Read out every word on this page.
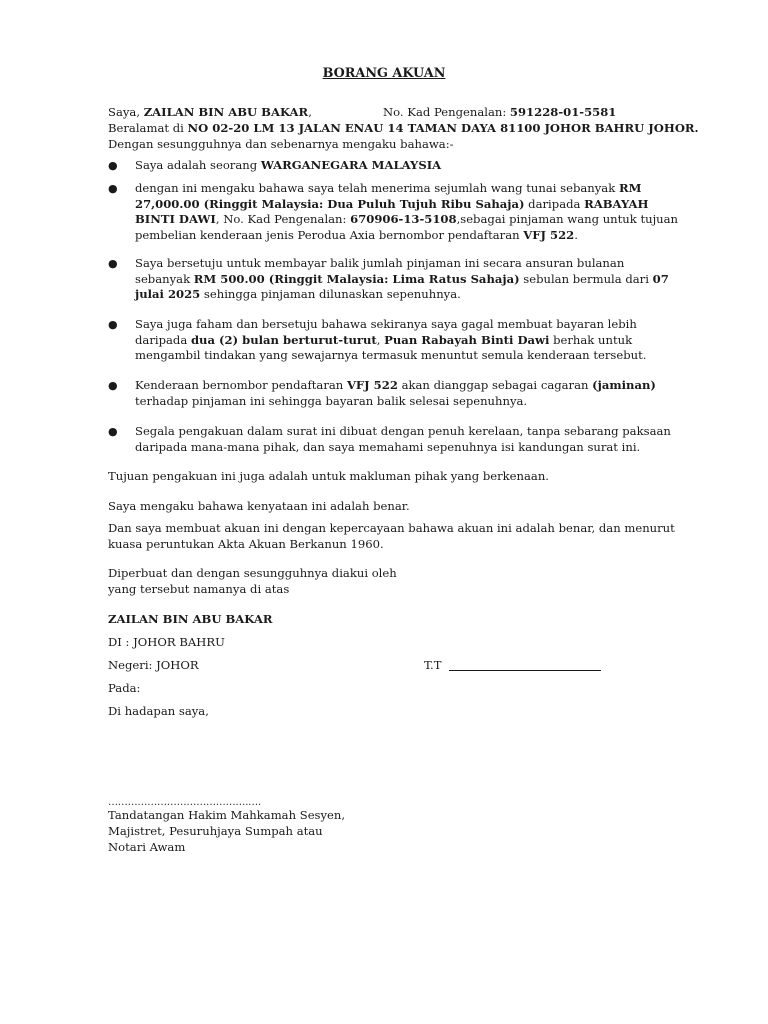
BORANG AKUAN
Saya, ZAILAN BIN ABU BAKAR,	No. Kad Pengenalan: 591228-01-5581
Beralamat di NO 02-20 LM 13 JALAN ENAU 14 TAMAN DAYA 81100 JOHOR BAHRU JOHOR.
Dengan sesungguhnya dan sebenarnya mengaku bahawa:-
● Saya adalah seorang WARGANEGARA MALAYSIA
● dengan ini mengaku bahawa saya telah menerima sejumlah wang tunai sebanyak RM 27,000.00 (Ringgit Malaysia: Dua Puluh Tujuh Ribu Sahaja) daripada RABAYAH BINTI DAWI, No. Kad Pengenalan: 670906-13-5108,sebagai pinjaman wang untuk tujuan pembelian kenderaan jenis Perodua Axia bernombor pendaftaran VFJ 522.
● Saya bersetuju untuk membayar balik jumlah pinjaman ini secara ansuran bulanan sebanyak RM 500.00 (Ringgit Malaysia: Lima Ratus Sahaja) sebulan bermula dari 07 julai 2025 sehingga pinjaman dilunaskan sepenuhnya.
● Saya juga faham dan bersetuju bahawa sekiranya saya gagal membuat bayaran lebih daripada dua (2) bulan berturut-turut, Puan Rabayah Binti Dawi berhak untuk mengambil tindakan yang sewajarnya termasuk menuntut semula kenderaan tersebut.
● Kenderaan bernombor pendaftaran VFJ 522 akan dianggap sebagai cagaran (jaminan) terhadap pinjaman ini sehingga bayaran balik selesai sepenuhnya.
● Segala pengakuan dalam surat ini dibuat dengan penuh kerelaan, tanpa sebarang paksaan daripada mana-mana pihak, dan saya memahami sepenuhnya isi kandungan surat ini.
Tujuan pengakuan ini juga adalah untuk makluman pihak yang berkenaan.
Saya mengaku bahawa kenyataan ini adalah benar.
Dan saya membuat akuan ini dengan kepercayaan bahawa akuan ini adalah benar, dan menurut kuasa peruntukan Akta Akuan Berkanun 1960.
Diperbuat dan dengan sesungguhnya diakui oleh
yang tersebut namanya di atas
ZAILAN BIN ABU BAKAR
DI : JOHOR BAHRU
Negeri: JOHOR	T.T
Pada:
Di hadapan saya,
…………………………………….….
Tandatangan Hakim Mahkamah Sesyen,
Majistret, Pesuruhjaya Sumpah atau
Notari Awam
